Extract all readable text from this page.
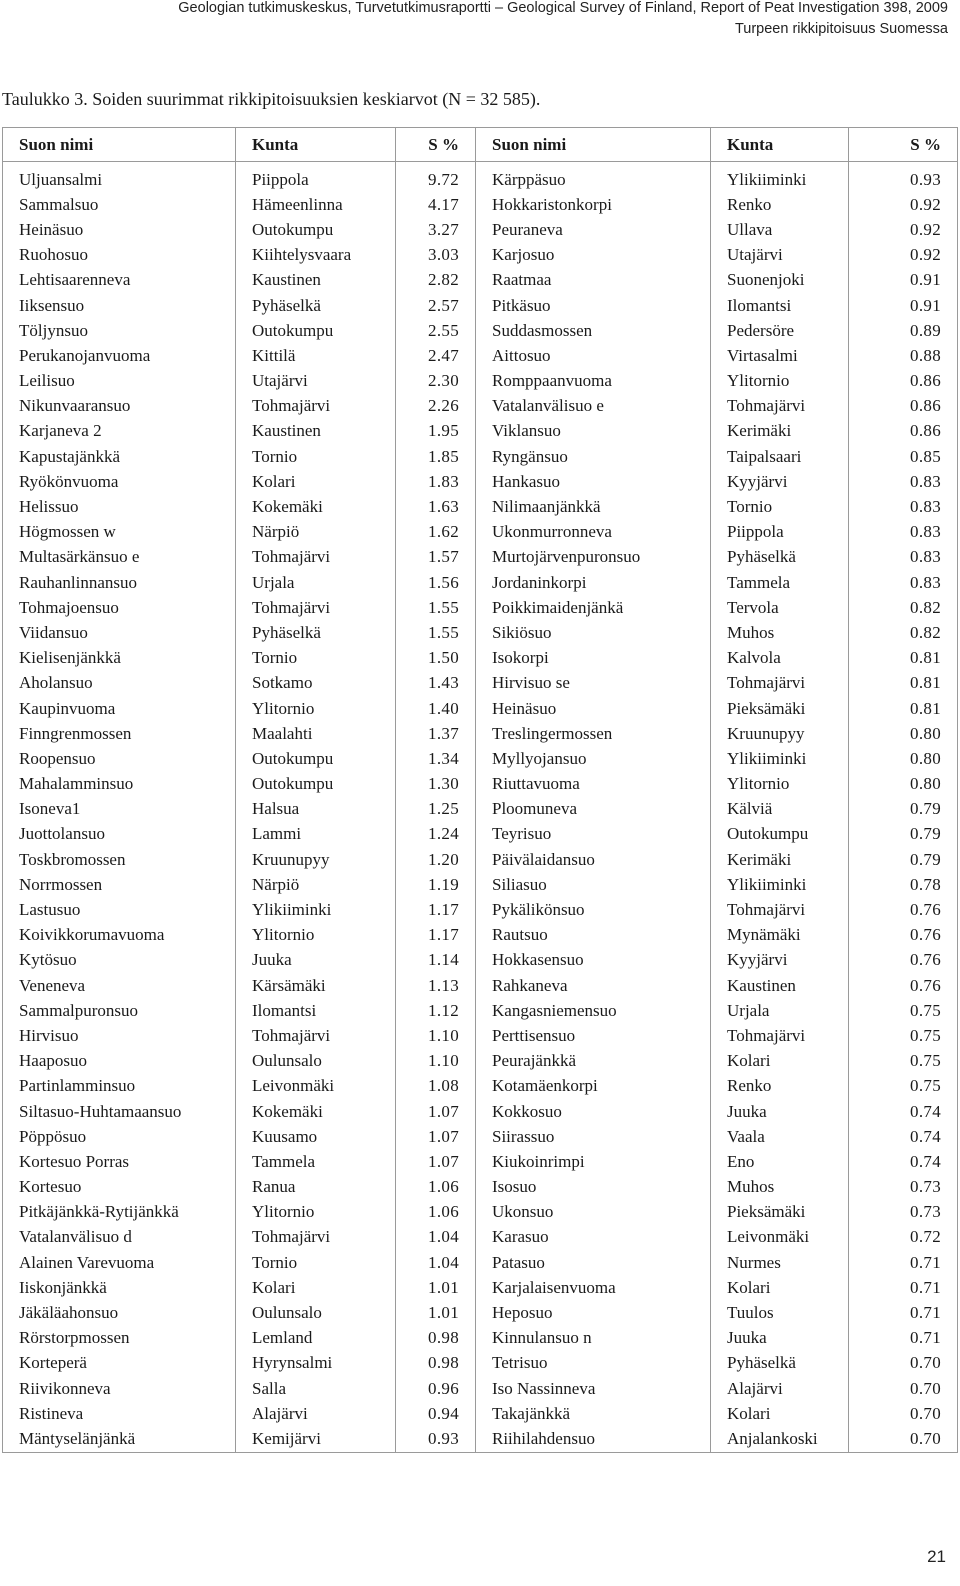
Geologian tutkimuskeskus, Turvetutkimusraportti – Geological Survey of Finland, Report of Peat Investigation 398, 2009
Turpeen rikkipitoisuus Suomessa
Taulukko 3. Soiden suurimmat rikkipitoisuuksien keskiarvot (N = 32 585).
Suon nimi	Kunta	S %	Suon nimi	Kunta	S %
Uljuansalmi	Piippola	9.72	Kärppäsuo	Ylikiiminki	0.93
Sammalsuo	Hämeenlinna	4.17	Hokkaristonkorpi	Renko	0.92
Heinäsuo	Outokumpu	3.27	Peuraneva	Ullava	0.92
Ruohosuo	Kiihtelysvaara	3.03	Karjosuo	Utajärvi	0.92
Lehtisaarenneva	Kaustinen	2.82	Raatmaa	Suonenjoki	0.91
Iiksensuo	Pyhäselkä	2.57	Pitkäsuo	Ilomantsi	0.91
Töljynsuo	Outokumpu	2.55	Suddasmossen	Pedersöre	0.89
Perukanojanvuoma	Kittilä	2.47	Aittosuo	Virtasalmi	0.88
Leilisuo	Utajärvi	2.30	Romppaanvuoma	Ylitornio	0.86
Nikunvaaransuo	Tohmajärvi	2.26	Vatalanvälisuo e	Tohmajärvi	0.86
Karjaneva 2	Kaustinen	1.95	Viklansuo	Kerimäki	0.86
Kapustajänkkä	Tornio	1.85	Ryngänsuo	Taipalsaari	0.85
Ryökönvuoma	Kolari	1.83	Hankasuo	Kyyjärvi	0.83
Helissuo	Kokemäki	1.63	Nilimaanjänkkä	Tornio	0.83
Högmossen w	Närpiö	1.62	Ukonmurronneva	Piippola	0.83
Multasärkänsuo e	Tohmajärvi	1.57	Murtojärvenpuronsuo	Pyhäselkä	0.83
Rauhanlinnansuo	Urjala	1.56	Jordaninkorpi	Tammela	0.83
Tohmajoensuo	Tohmajärvi	1.55	Poikkimaidenjänkä	Tervola	0.82
Viidansuo	Pyhäselkä	1.55	Sikiösuo	Muhos	0.82
Kielisenjänkkä	Tornio	1.50	Isokorpi	Kalvola	0.81
Aholansuo	Sotkamo	1.43	Hirvisuo se	Tohmajärvi	0.81
Kaupinvuoma	Ylitornio	1.40	Heinäsuo	Pieksämäki	0.81
Finngrenmossen	Maalahti	1.37	Treslingermossen	Kruunupyy	0.80
Roopensuo	Outokumpu	1.34	Myllyojansuo	Ylikiiminki	0.80
Mahalamminsuo	Outokumpu	1.30	Riuttavuoma	Ylitornio	0.80
Isoneva1	Halsua	1.25	Ploomuneva	Kälviä	0.79
Juottolansuo	Lammi	1.24	Teyrisuo	Outokumpu	0.79
Toskbromossen	Kruunupyy	1.20	Päivälaidansuo	Kerimäki	0.79
Norrmossen	Närpiö	1.19	Siliasuo	Ylikiiminki	0.78
Lastusuo	Ylikiiminki	1.17	Pykälikönsuo	Tohmajärvi	0.76
Koivikkorumavuoma	Ylitornio	1.17	Rautsuo	Mynämäki	0.76
Kytösuo	Juuka	1.14	Hokkasensuo	Kyyjärvi	0.76
Veneneva	Kärsämäki	1.13	Rahkaneva	Kaustinen	0.76
Sammalpuronsuo	Ilomantsi	1.12	Kangasniemensuo	Urjala	0.75
Hirvisuo	Tohmajärvi	1.10	Perttisensuo	Tohmajärvi	0.75
Haaposuo	Oulunsalo	1.10	Peurajänkkä	Kolari	0.75
Partinlamminsuo	Leivonmäki	1.08	Kotamäenkorpi	Renko	0.75
Siltasuo-Huhtamaansuo	Kokemäki	1.07	Kokkosuo	Juuka	0.74
Pöppösuo	Kuusamo	1.07	Siirassuo	Vaala	0.74
Kortesuo Porras	Tammela	1.07	Kiukoinrimpi	Eno	0.74
Kortesuo	Ranua	1.06	Isosuo	Muhos	0.73
Pitkäjänkkä-Rytijänkkä	Ylitornio	1.06	Ukonsuo	Pieksämäki	0.73
Vatalanvälisuo d	Tohmajärvi	1.04	Karasuo	Leivonmäki	0.72
Alainen Varevuoma	Tornio	1.04	Patasuo	Nurmes	0.71
Iiskonjänkkä	Kolari	1.01	Karjalaisenvuoma	Kolari	0.71
Jäkäläahonsuo	Oulunsalo	1.01	Heposuo	Tuulos	0.71
Rörstorpmossen	Lemland	0.98	Kinnulansuo n	Juuka	0.71
Korteperä	Hyrynsalmi	0.98	Tetrisuo	Pyhäselkä	0.70
Riivikonneva	Salla	0.96	Iso Nassinneva	Alajärvi	0.70
Ristineva	Alajärvi	0.94	Takajänkkä	Kolari	0.70
Mäntyselänjänkä	Kemijärvi	0.93	Riihilahdensuo	Anjalankoski	0.70
21
